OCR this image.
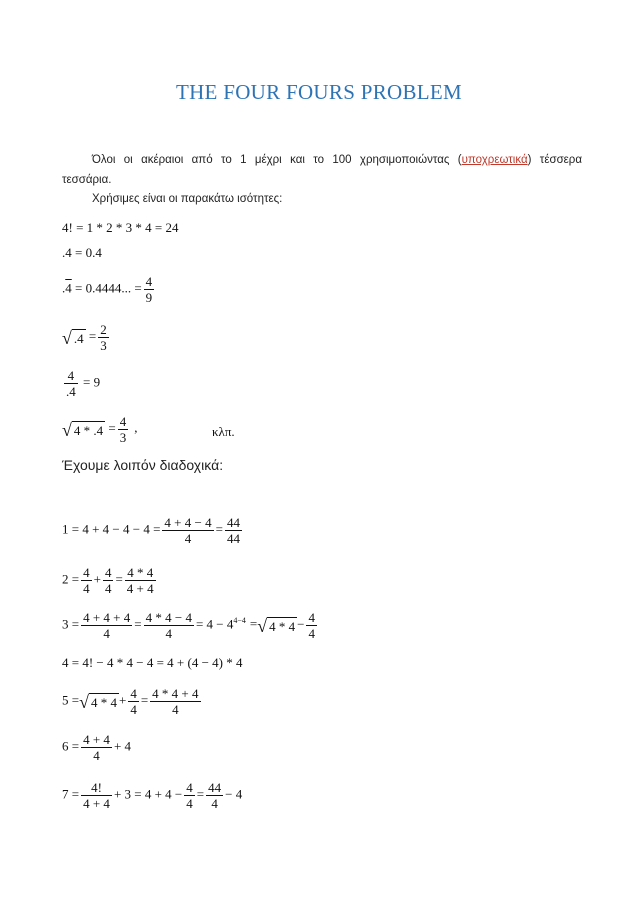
THE FOUR FOURS PROBLEM
Όλοι οι ακέραιοι από το 1 μέχρι και το 100 χρησιμοποιώντας (υποχρεωτικά) τέσσερα τεσσάρια.
Χρήσιμες είναι οι παρακάτω ισότητες:
4! = 1 * 2 * 3 * 4 = 24
.4 = 0.4
.4 = 0.4444... = $\frac{4}{9}$
√ $.4 = \frac{2}{3}$
$\frac{4}{.4} = 9$
√ $4 * .4 = \frac{4}{3}$ ,	κλπ.
Έχουμε λοιπόν διαδοχικά:
$1 = 4 + 4 - 4 - 4 = \frac{4 + 4 - 4}{4} = \frac{44}{44}$
$2 = \frac{4}{4} + \frac{4}{4} = \frac{4 * 4}{4 + 4}$
$3 = \frac{4 + 4 + 4}{4} = \frac{4 * 4 - 4}{4} = 4 - 4^{4-4}$ =√ $4 * 4 - \frac{4}{4}$
4 = 4! − 4 * 4 − 4 = 4 + (4 − 4) * 4
5 =√ $4 * 4 + \frac{4}{4} = \frac{4 * 4 + 4}{4}$
$6 = \frac{4 + 4}{4} + 4$
$7 = \frac{4!}{4 + 4} + 3 = 4 + 4 - \frac{4}{4} = \frac{44}{4} - 4$
